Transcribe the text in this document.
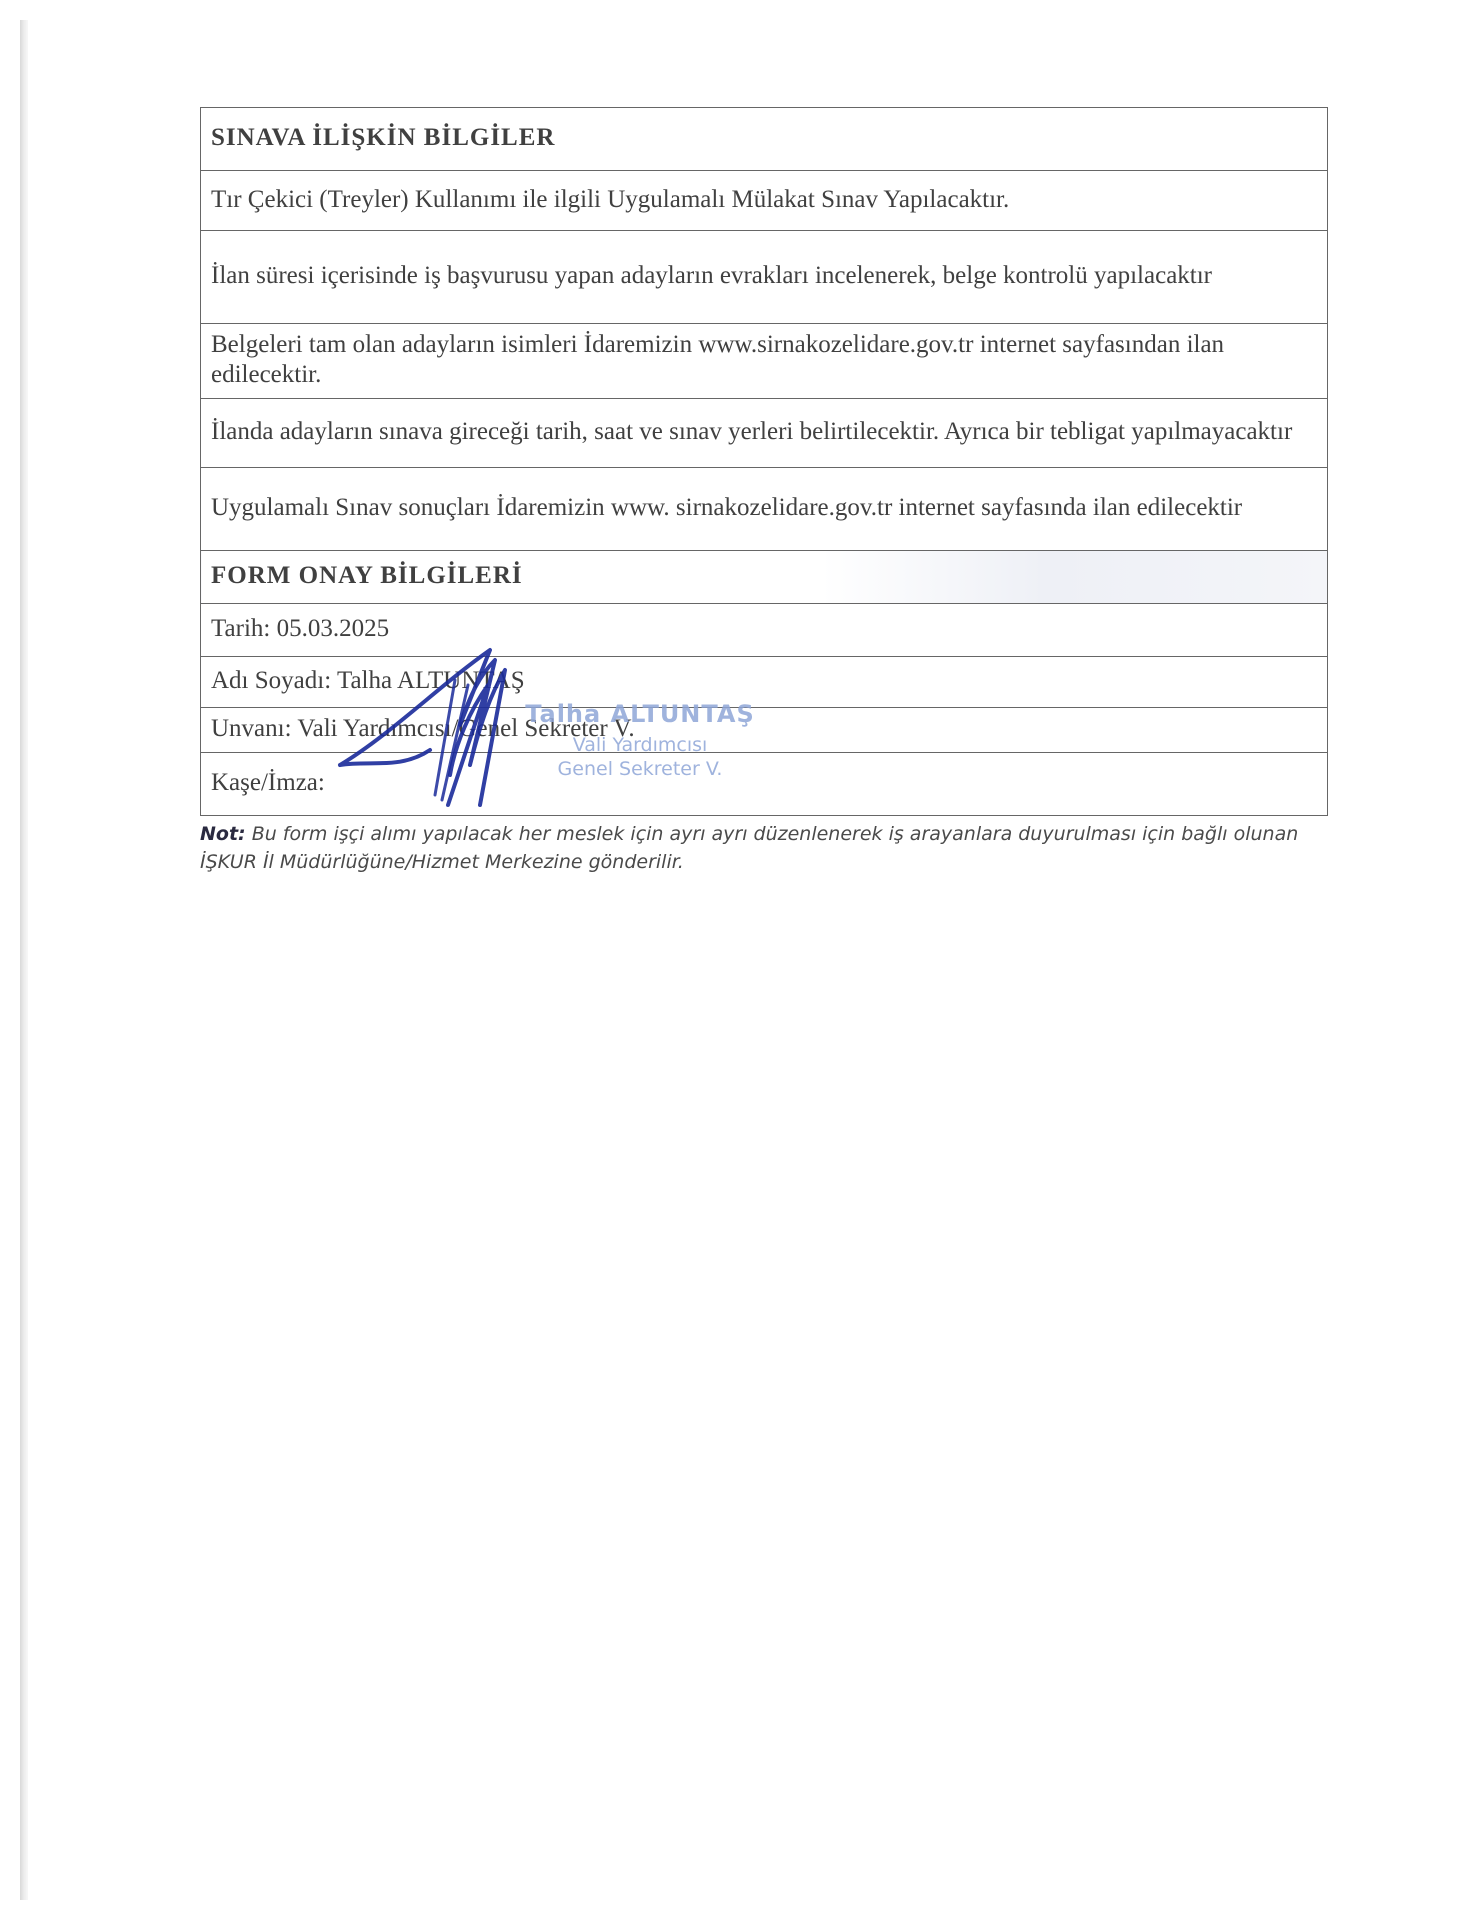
SINAVA İLİŞKİN BİLGİLER
Tır Çekici (Treyler) Kullanımı ile ilgili Uygulamalı Mülakat Sınav Yapılacaktır.
İlan süresi içerisinde iş başvurusu yapan adayların evrakları incelenerek, belge kontrolü yapılacaktır
Belgeleri tam olan adayların isimleri İdaremizin www.sirnakozelidare.gov.tr internet sayfasından ilan edilecektir.
İlanda adayların sınava gireceği tarih, saat ve sınav yerleri belirtilecektir. Ayrıca bir tebligat yapılmayacaktır
Uygulamalı Sınav sonuçları İdaremizin www. sirnakozelidare.gov.tr internet sayfasında ilan edilecektir
FORM ONAY BİLGİLERİ
Tarih: 05.03.2025
Adı Soyadı: Talha ALTUNTAŞ
Unvanı: Vali Yardımcısı/Genel Sekreter V.
Kaşe/İmza:
Not: Bu form işçi alımı yapılacak her meslek için ayrı ayrı düzenlenerek iş arayanlara duyurulması için bağlı olunan İŞKUR İl Müdürlüğüne/Hizmet Merkezine gönderilir.
Talha ALTUNTAŞ
Vali Yardımcısı
Genel Sekreter V.
